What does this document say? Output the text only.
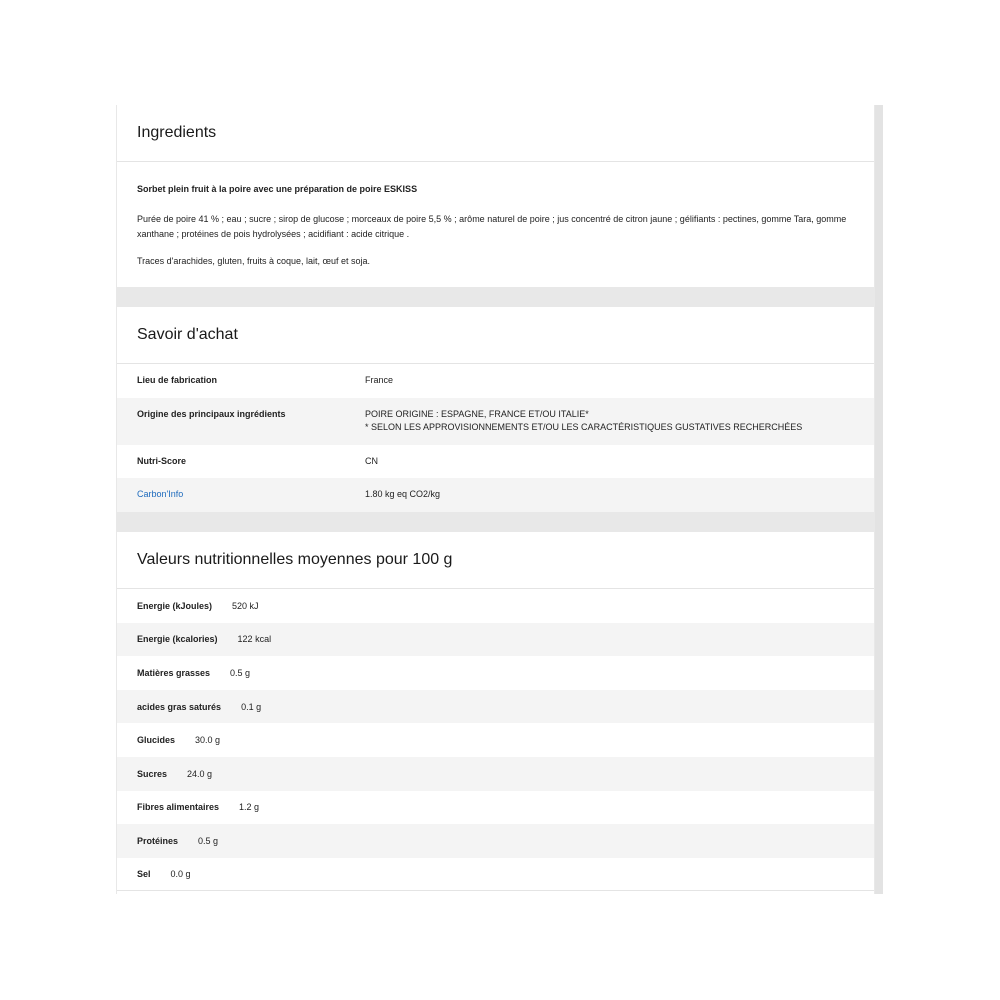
Ingredients

Sorbet plein fruit à la poire avec une préparation de poire ESKISS

Purée de poire 41 % ; eau ; sucre ; sirop de glucose ; morceaux de poire 5,5 % ; arôme naturel de poire ; jus concentré de citron jaune ; gélifiants : pectines, gomme Tara, gomme xanthane ; protéines de pois hydrolysées ; acidifiant : acide citrique .

Traces d'arachides, gluten, fruits à coque, lait, œuf et soja.

Savoir d'achat
Lieu de fabrication	France
Origine des principaux ingrédients	POIRE ORIGINE : ESPAGNE, FRANCE ET/OU ITALIE*
* SELON LES APPROVISIONNEMENTS ET/OU LES CARACTÉRISTIQUES GUSTATIVES RECHERCHÉES
Nutri-Score	CN
Carbon'Info	1.80 kg eq CO2/kg
Valeurs nutritionnelles moyennes pour 100 g
Energie (kJoules) 520 kJ
Energie (kcalories) 122 kcal
Matières grasses 0.5 g
acides gras saturés 0.1 g
Glucides 30.0 g
Sucres 24.0 g
Fibres alimentaires 1.2 g
Protéines 0.5 g
Sel 0.0 g
